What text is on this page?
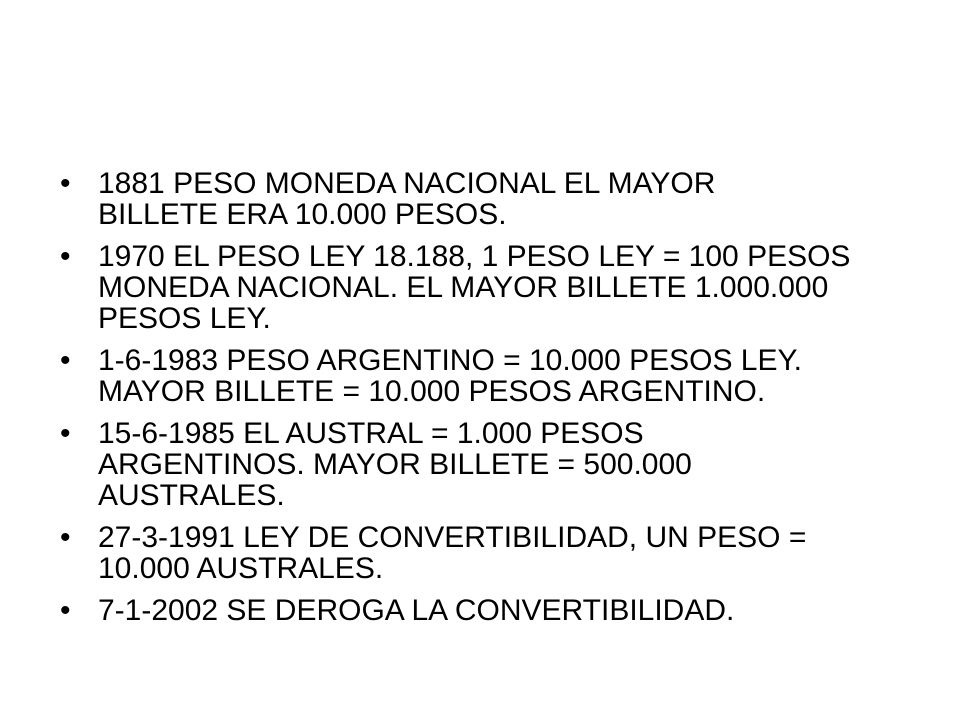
• 1881 PESO MONEDA NACIONAL EL MAYOR
BILLETE ERA 10.000 PESOS.
• 1970 EL PESO LEY 18.188, 1 PESO LEY = 100 PESOS
MONEDA NACIONAL. EL MAYOR BILLETE 1.000.000
PESOS LEY.
• 1-6-1983 PESO ARGENTINO = 10.000 PESOS LEY.
MAYOR BILLETE = 10.000 PESOS ARGENTINO.
• 15-6-1985 EL AUSTRAL = 1.000 PESOS
ARGENTINOS. MAYOR BILLETE = 500.000
AUSTRALES.
• 27-3-1991 LEY DE CONVERTIBILIDAD, UN PESO =
10.000 AUSTRALES.
• 7-1-2002 SE DEROGA LA CONVERTIBILIDAD.
